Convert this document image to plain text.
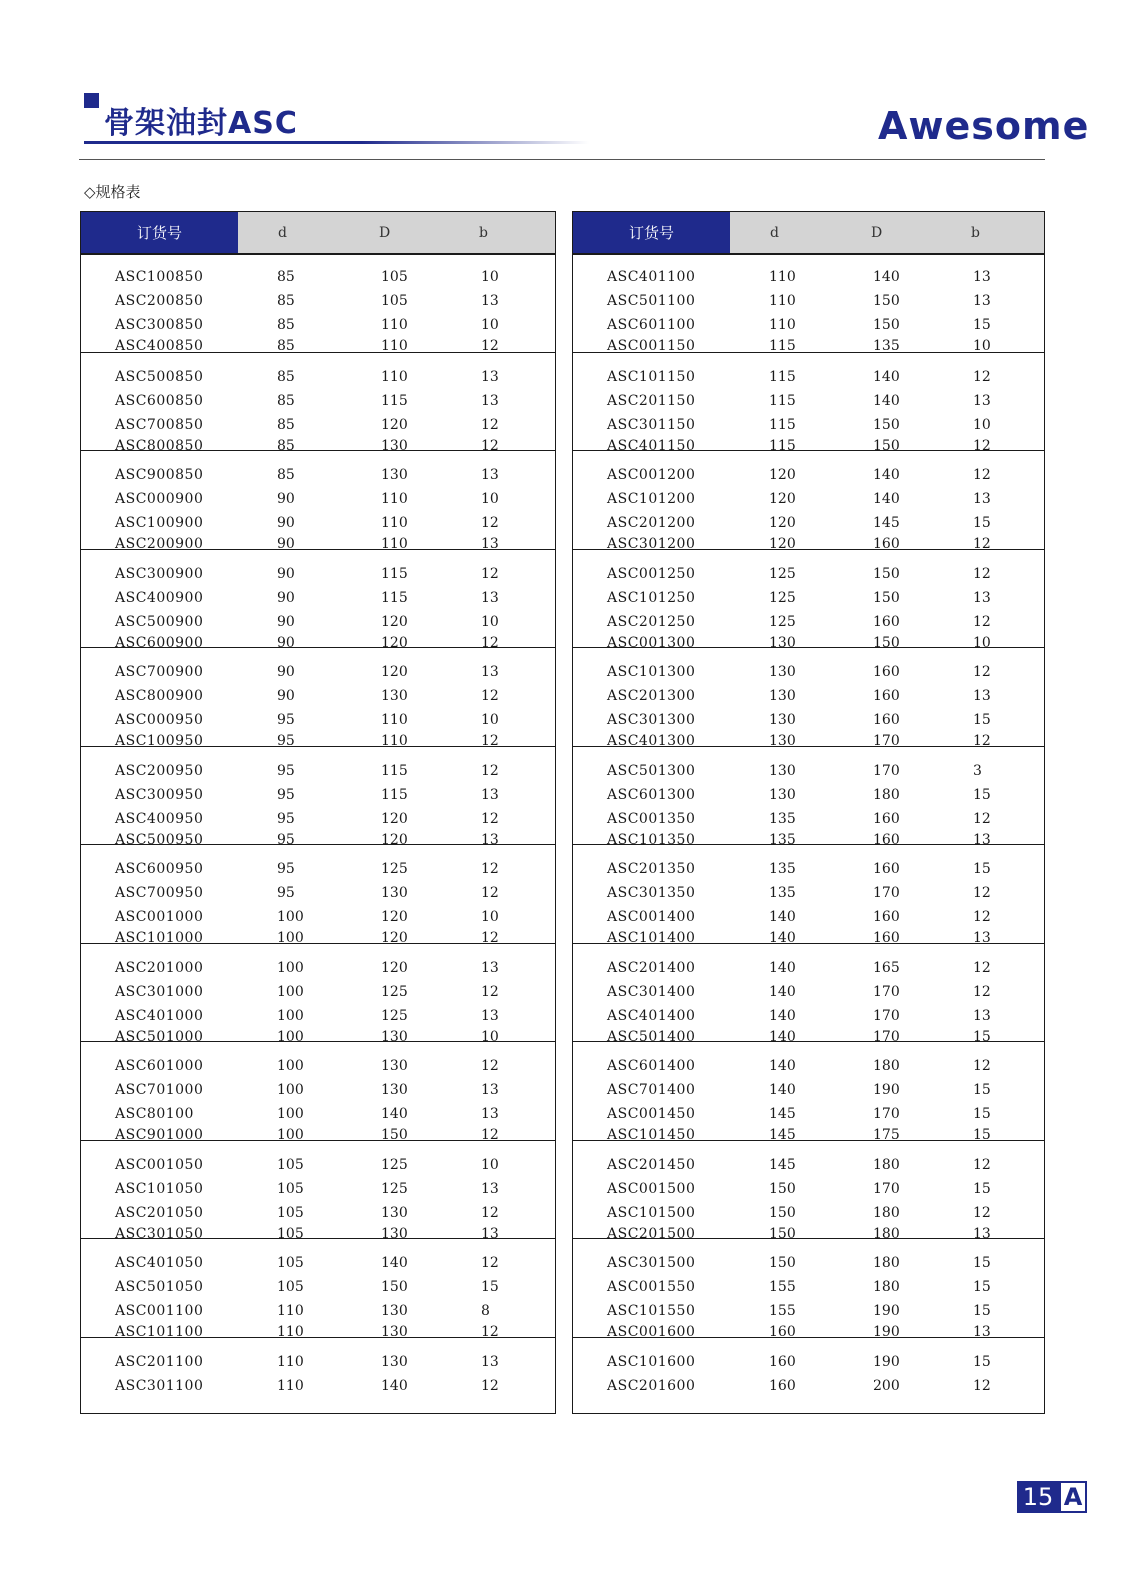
骨架油封ASC	Awesome
◇规格表
订货号	d	D	b
ASC100850	85	105	10
ASC200850	85	105	13
ASC300850	85	110	10
ASC400850	85	110	12
ASC500850	85	110	13
ASC600850	85	115	13
ASC700850	85	120	12
ASC800850	85	130	12
ASC900850	85	130	13
ASC000900	90	110	10
ASC100900	90	110	12
ASC200900	90	110	13
ASC300900	90	115	12
ASC400900	90	115	13
ASC500900	90	120	10
ASC600900	90	120	12
ASC700900	90	120	13
ASC800900	90	130	12
ASC000950	95	110	10
ASC100950	95	110	12
ASC200950	95	115	12
ASC300950	95	115	13
ASC400950	95	120	12
ASC500950	95	120	13
ASC600950	95	125	12
ASC700950	95	130	12
ASC001000	100	120	10
ASC101000	100	120	12
ASC201000	100	120	13
ASC301000	100	125	12
ASC401000	100	125	13
ASC501000	100	130	10
ASC601000	100	130	12
ASC701000	100	130	13
ASC80100	100	140	13
ASC901000	100	150	12
ASC001050	105	125	10
ASC101050	105	125	13
ASC201050	105	130	12
ASC301050	105	130	13
ASC401050	105	140	12
ASC501050	105	150	15
ASC001100	110	130	8
ASC101100	110	130	12
ASC201100	110	130	13
ASC301100	110	140	12
订货号	d	D	b
ASC401100	110	140	13
ASC501100	110	150	13
ASC601100	110	150	15
ASC001150	115	135	10
ASC101150	115	140	12
ASC201150	115	140	13
ASC301150	115	150	10
ASC401150	115	150	12
ASC001200	120	140	12
ASC101200	120	140	13
ASC201200	120	145	15
ASC301200	120	160	12
ASC001250	125	150	12
ASC101250	125	150	13
ASC201250	125	160	12
ASC001300	130	150	10
ASC101300	130	160	12
ASC201300	130	160	13
ASC301300	130	160	15
ASC401300	130	170	12
ASC501300	130	170	3
ASC601300	130	180	15
ASC001350	135	160	12
ASC101350	135	160	13
ASC201350	135	160	15
ASC301350	135	170	12
ASC001400	140	160	12
ASC101400	140	160	13
ASC201400	140	165	12
ASC301400	140	170	12
ASC401400	140	170	13
ASC501400	140	170	15
ASC601400	140	180	12
ASC701400	140	190	15
ASC001450	145	170	15
ASC101450	145	175	15
ASC201450	145	180	12
ASC001500	150	170	15
ASC101500	150	180	12
ASC201500	150	180	13
ASC301500	150	180	15
ASC001550	155	180	15
ASC101550	155	190	15
ASC001600	160	190	13
ASC101600	160	190	15
ASC201600	160	200	12
15 A
